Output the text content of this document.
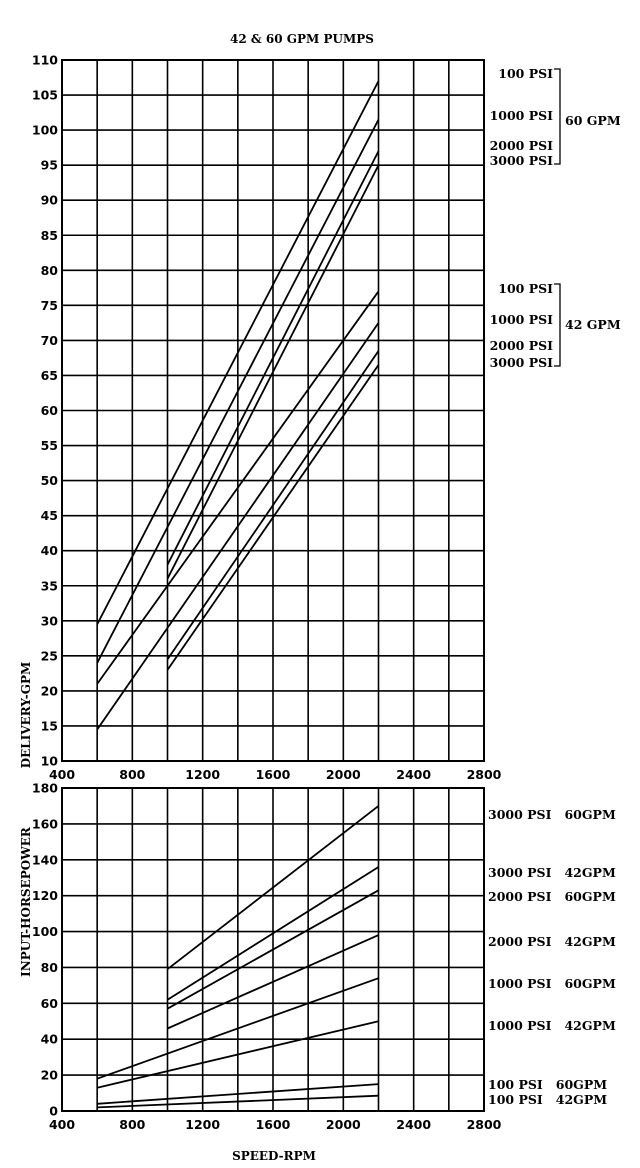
42 & 60 GPM PUMPS
400	800	1200	1600	2000	2400	2800
10
15
20
25
30
35
40
45
50
55
60
65
70
75
80
85
90
95
100
105
110
100 PSI
1000 PSI
2000 PSI
3000 PSI
60 GPM
100 PSI
1000 PSI
2000 PSI
3000 PSI
42 GPM
DELIVERY-GPM
400	800	1200	1600	2000	2400	2800
0
20
40
60
80
100
120
140
160
180
3000 PSI   60GPM
3000 PSI   42GPM
2000 PSI   60GPM
2000 PSI   42GPM
1000 PSI   60GPM
1000 PSI   42GPM
100 PSI   60GPM
100 PSI   42GPM
INPUT-HORSEPOWER
SPEED-RPM
